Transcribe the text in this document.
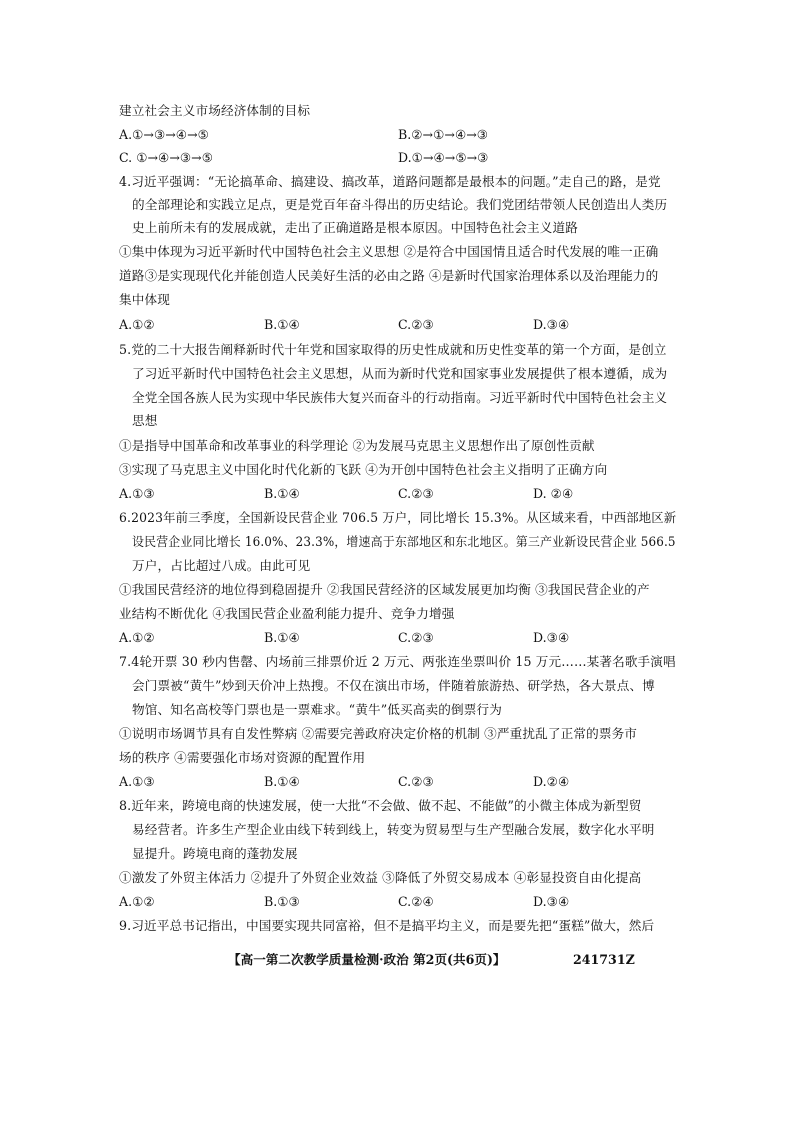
建立社会主义市场经济体制的目标
A.①→③→④→⑤	B.②→①→④→③
C. ①→④→③→⑤	D.①→④→⑤→③
4.习近平强调：“无论搞革命、搞建设、搞改革，道路问题都是最根本的问题。”走自己的路，是党
的全部理论和实践立足点，更是党百年奋斗得出的历史结论。我们党团结带领人民创造出人类历
史上前所未有的发展成就，走出了正确道路是根本原因。中国特色社会主义道路
①集中体现为习近平新时代中国特色社会主义思想 ②是符合中国国情且适合时代发展的唯一正确
道路③是实现现代化并能创造人民美好生活的必由之路 ④是新时代国家治理体系以及治理能力的
集中体现
A.①②	B.①④	C.②③	D.③④
5.党的二十大报告阐释新时代十年党和国家取得的历史性成就和历史性变革的第一个方面，是创立
了习近平新时代中国特色社会主义思想，从而为新时代党和国家事业发展提供了根本遵循，成为
全党全国各族人民为实现中华民族伟大复兴而奋斗的行动指南。习近平新时代中国特色社会主义
思想
①是指导中国革命和改革事业的科学理论 ②为发展马克思主义思想作出了原创性贡献
③实现了马克思主义中国化时代化新的飞跃 ④为开创中国特色社会主义指明了正确方向
A.①③	B.①④	C.②③	D. ②④
6.2023年前三季度，全国新设民营企业 706.5 万户，同比增长 15.3%。从区域来看，中西部地区新
设民营企业同比增长 16.0%、23.3%，增速高于东部地区和东北地区。第三产业新设民营企业 566.5
万户，占比超过八成。由此可见
①我国民营经济的地位得到稳固提升 ②我国民营经济的区域发展更加均衡 ③我国民营企业的产
业结构不断优化 ④我国民营企业盈利能力提升、竞争力增强
A.①②	B.①④	C.②③	D.③④
7.4轮开票 30 秒内售罄、内场前三排票价近 2 万元、两张连坐票叫价 15 万元……某著名歌手演唱
会门票被“黄牛”炒到天价冲上热搜。不仅在演出市场，伴随着旅游热、研学热，各大景点、博
物馆、知名高校等门票也是一票难求。“黄牛”低买高卖的倒票行为
①说明市场调节具有自发性弊病 ②需要完善政府决定价格的机制 ③严重扰乱了正常的票务市
场的秩序 ④需要强化市场对资源的配置作用
A.①③	B.①④	C.②③	D.②④
8.近年来，跨境电商的快速发展，使一大批“不会做、做不起、不能做”的小微主体成为新型贸
易经营者。许多生产型企业由线下转到线上，转变为贸易型与生产型融合发展，数字化水平明
显提升。跨境电商的蓬勃发展
①激发了外贸主体活力 ②提升了外贸企业效益 ③降低了外贸交易成本 ④彰显投资自由化提高
A.①②	B.①③	C.②④	D.③④
9.习近平总书记指出，中国要实现共同富裕，但不是搞平均主义，而是要先把“蛋糕”做大，然后
【高一第二次教学质量检测·政治 第2页(共6页)】	241731Z
